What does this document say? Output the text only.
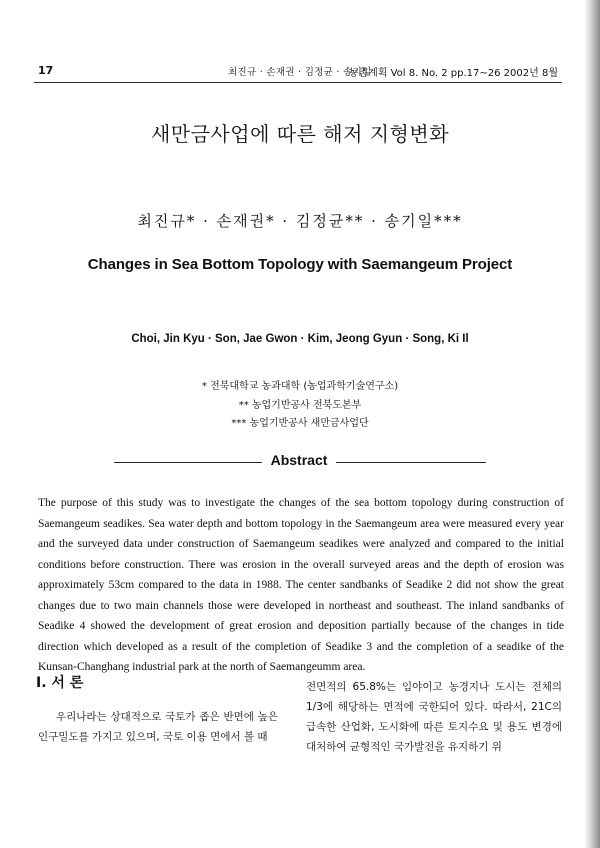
17	최진규 · 손재권 · 김정균 · 송기일
농촌계획 Vol 8. No. 2 pp.17~26 2002년 8월
새만금사업에 따른 해저 지형변화
최진규* · 손재권* · 김정균** · 송기일***
Changes in Sea Bottom Topology with Saemangeum Project
Choi, Jin Kyu · Son, Jae Gwon · Kim, Jeong Gyun · Song, Ki Il
* 전북대학교 농과대학 (농업과학기술연구소)
** 농업기반공사 전북도본부
*** 농업기반공사 새만금사업단
Abstract
The purpose of this study was to investigate the changes of the sea bottom topology during construction of Saemangeum seadikes. Sea water depth and bottom topology in the Saemangeum area were measured every year and the surveyed data under construction of Saemangeum seadikes were analyzed and compared to the initial conditions before construction. There was erosion in the overall surveyed areas and the depth of erosion was approximately 53cm compared to the data in 1988. The center sandbanks of Seadike 2 did not show the great changes due to two main channels those were developed in northeast and southeast. The inland sandbanks of Seadike 4 showed the development of great erosion and deposition partially because of the changes in tide direction which developed as a result of the completion of Seadike 3 and the completion of a seadike of the Kunsan-Changhang industrial park at the north of Saemangeumm area.
I. 서 론
우리나라는 상대적으로 국토가 좁은 반면에 높은 인구밀도를 가지고 있으며, 국토 이용 면에서 볼 때
전면적의 65.8%는 임야이고 농경지나 도시는 전체의 1/3에 해당하는 면적에 국한되어 있다. 따라서, 21C의 급속한 산업화, 도시화에 따른 토지수요 및 용도 변경에 대처하여 균형적인 국가발전을 유지하기 위
